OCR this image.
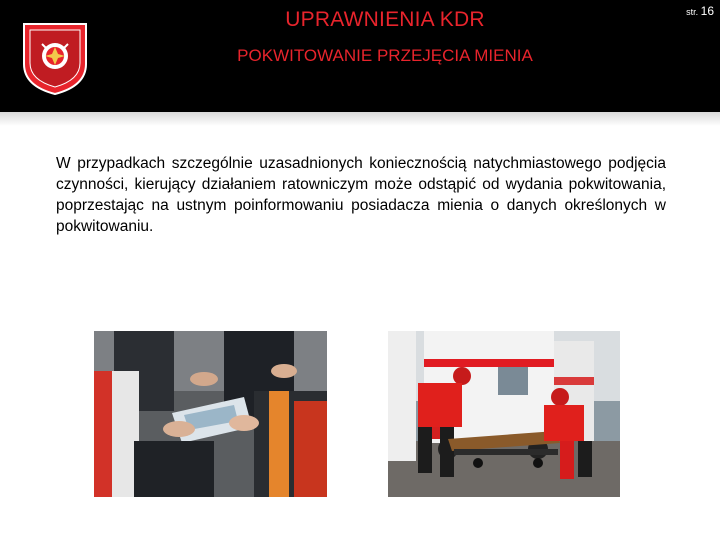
UPRAWNIENIA KDR
POKWITOWANIE PRZEJĘCIA MIENIA
str. 16
W przypadkach szczególnie uzasadnionych koniecznością natychmiastowego podjęcia czynności, kierujący działaniem ratowniczym może odstąpić od wydania pokwitowania, poprzestając na ustnym poinformowaniu posiadacza mienia o danych określonych w pokwitowaniu.
